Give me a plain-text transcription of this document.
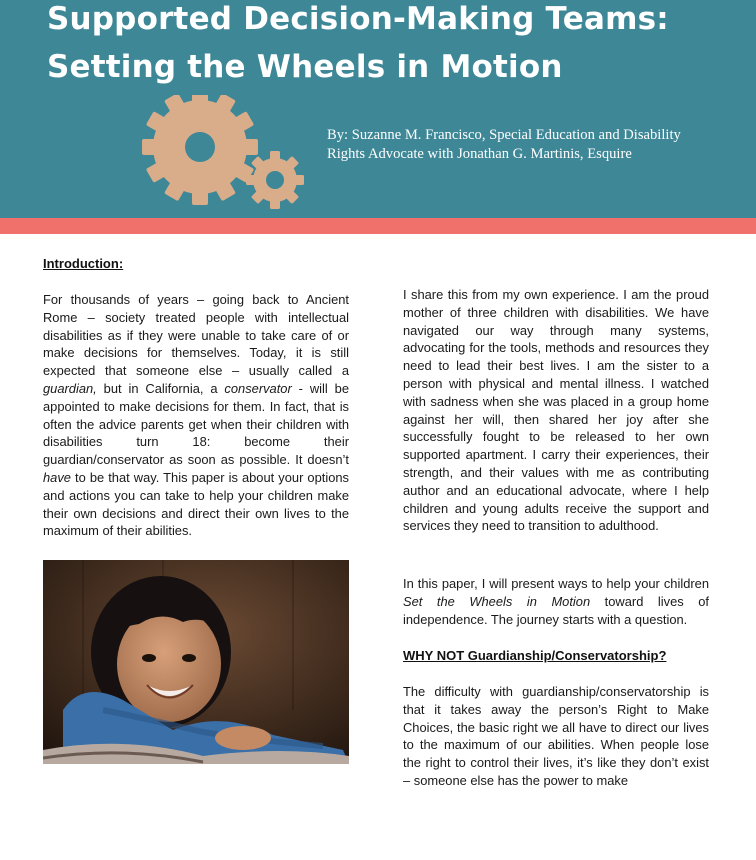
Supported Decision-Making Teams:
Setting the Wheels in Motion
By: Suzanne M. Francisco, Special Education and Disability
Rights Advocate with Jonathan G. Martinis, Esquire
Introduction:

For thousands of years – going back to Ancient Rome – society treated people with intellectual disabilities as if they were unable to take care of or make decisions for themselves. Today, it is still expected that someone else – usually called a guardian, but in California, a conservator - will be appointed to make decisions for them. In fact, that is often the advice parents get when their children with disabilities turn 18: become their guardian/conservator as soon as possible. It doesn’t have to be that way. This paper is about your options and actions you can take to help your children make their own decisions and direct their own lives to the maximum of their abilities.

I share this from my own experience. I am the proud mother of three children with disabilities. We have navigated our way through many systems, advocating for the tools, methods and resources they need to lead their best lives. I am the sister to a person with physical and mental illness. I watched with sadness when she was placed in a group home against her will, then shared her joy after she successfully fought to be released to her own supported apartment. I carry their experiences, their strength, and their values with me as contributing author and an educational advocate, where I help children and young adults receive the support and services they need to transition to adulthood.

In this paper, I will present ways to help your children Set the Wheels in Motion toward lives of independence. The journey starts with a question.

WHY NOT Guardianship/Conservatorship?

The difficulty with guardianship/conservatorship is that it takes away the person’s Right to Make Choices, the basic right we all have to direct our lives to the maximum of our abilities. When people lose the right to control their lives, it’s like they don’t exist – someone else has the power to make
